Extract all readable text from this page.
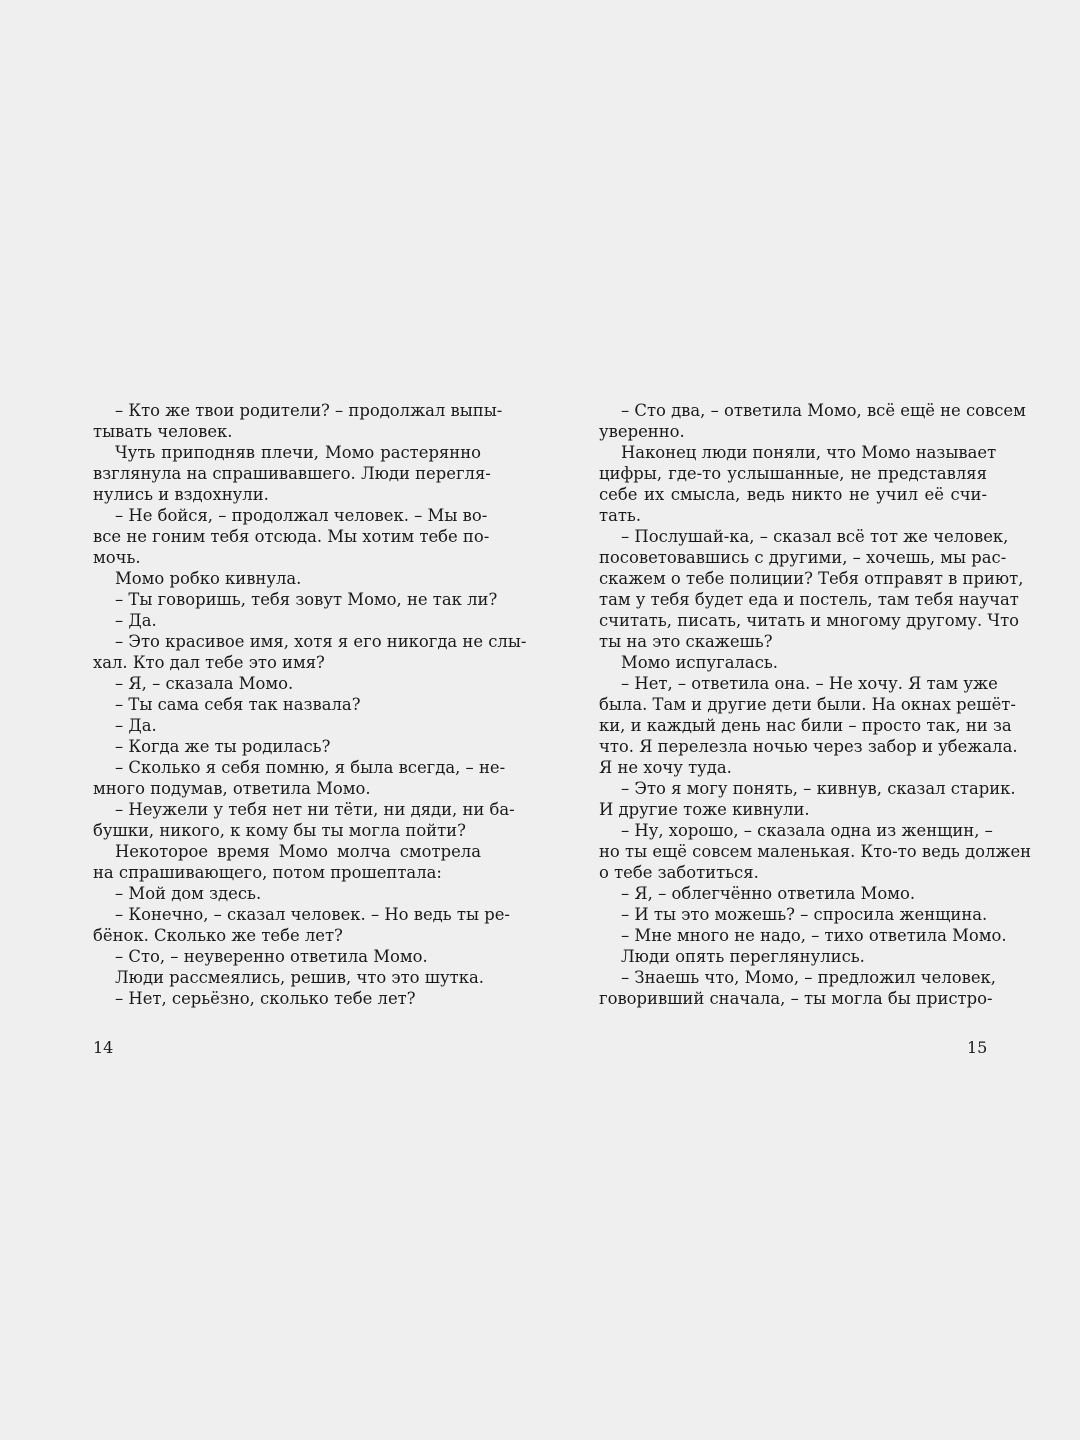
– Кто же твои родители? – продолжал выпы-
тывать человек.
Чуть приподняв плечи, Момо растерянно
взглянула на спрашивавшего. Люди перегля-
нулись и вздохнули.
– Не бойся, – продолжал человек. – Мы во-
все не гоним тебя отсюда. Мы хотим тебе по-
мочь.
Момо робко кивнула.
– Ты говоришь, тебя зовут Момо, не так ли?
– Да.
– Это красивое имя, хотя я его никогда не слы-
хал. Кто дал тебе это имя?
– Я, – сказала Момо.
– Ты сама себя так назвала?
– Да.
– Когда же ты родилась?
– Сколько я себя помню, я была всегда, – не-
много подумав, ответила Момо.
– Неужели у тебя нет ни тёти, ни дяди, ни ба-
бушки, никого, к кому бы ты могла пойти?
Некоторое время Момо молча смотрела
на спрашивающего, потом прошептала:
– Мой дом здесь.
– Конечно, – сказал человек. – Но ведь ты ре-
бёнок. Сколько же тебе лет?
– Сто, – неуверенно ответила Момо.
Люди рассмеялись, решив, что это шутка.
– Нет, серьёзно, сколько тебе лет?
– Сто два, – ответила Момо, всё ещё не совсем
уверенно.
Наконец люди поняли, что Момо называет
цифры, где-то услышанные, не представляя
себе их смысла, ведь никто не учил её счи-
тать.
– Послушай-ка, – сказал всё тот же человек,
посоветовавшись с другими, – хочешь, мы рас-
скажем о тебе полиции? Тебя отправят в приют,
там у тебя будет еда и постель, там тебя научат
считать, писать, читать и многому другому. Что
ты на это скажешь?
Момо испугалась.
– Нет, – ответила она. – Не хочу. Я там уже
была. Там и другие дети были. На окнах решёт-
ки, и каждый день нас били – просто так, ни за
что. Я перелезла ночью через забор и убежала.
Я не хочу туда.
– Это я могу понять, – кивнув, сказал старик.
И другие тоже кивнули.
– Ну, хорошо, – сказала одна из женщин, –
но ты ещё совсем маленькая. Кто-то ведь должен
о тебе заботиться.
– Я, – облегчённо ответила Момо.
– И ты это можешь? – спросила женщина.
– Мне много не надо, – тихо ответила Момо.
Люди опять переглянулись.
– Знаешь что, Момо, – предложил человек,
говоривший сначала, – ты могла бы пристро-
14	15
